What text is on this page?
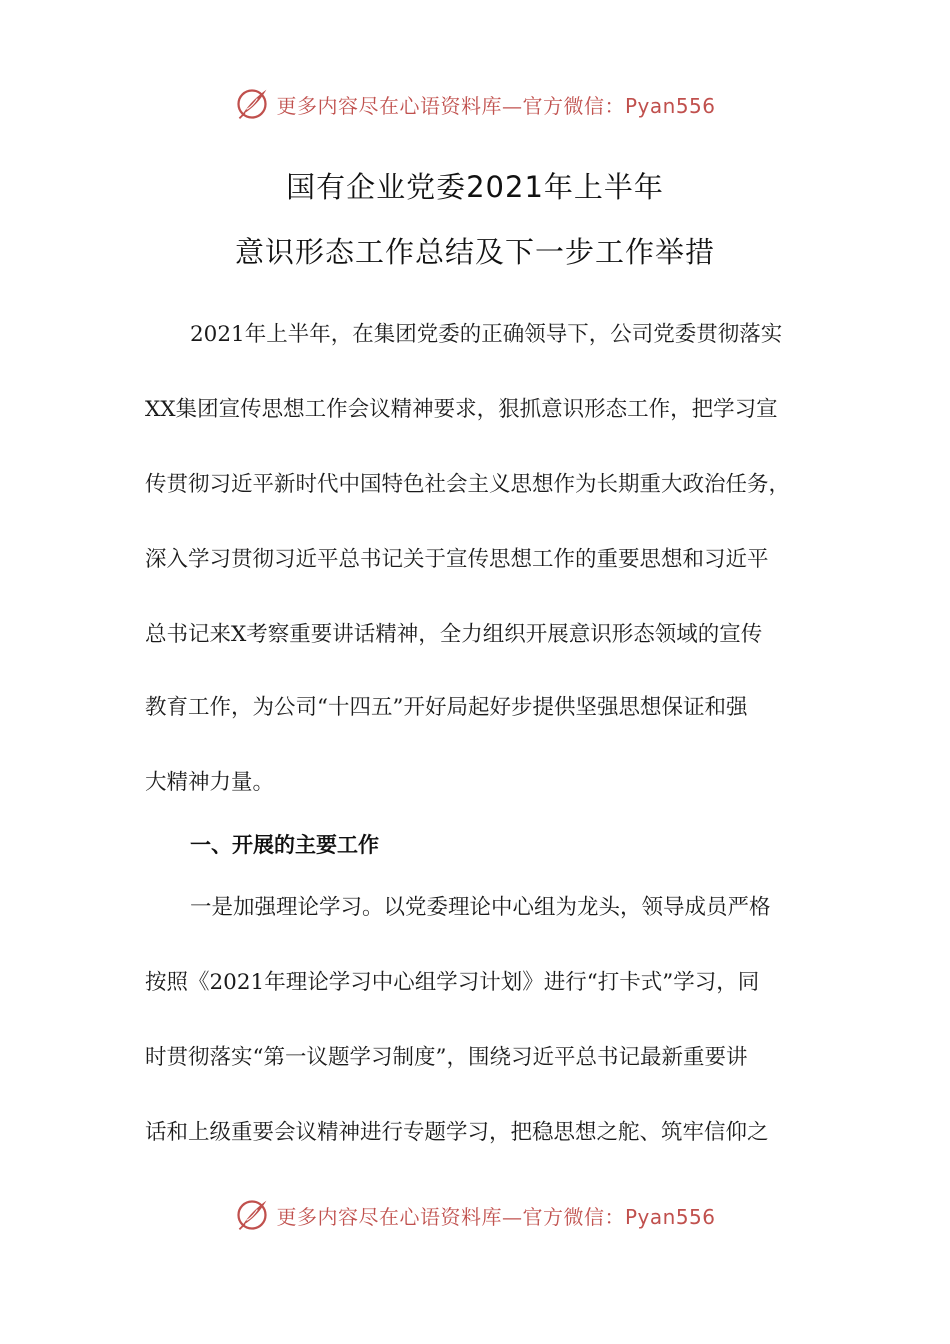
更多内容尽在心语资料库—官方微信：Pyan556
国有企业党委2021年上半年
意识形态工作总结及下一步工作举措
2021年上半年，在集团党委的正确领导下，公司党委贯彻落实
XX集团宣传思想工作会议精神要求，狠抓意识形态工作，把学习宣
传贯彻习近平新时代中国特色社会主义思想作为长期重大政治任务，
深入学习贯彻习近平总书记关于宣传思想工作的重要思想和习近平
总书记来X考察重要讲话精神，全力组织开展意识形态领域的宣传
教育工作，为公司“十四五”开好局起好步提供坚强思想保证和强
大精神力量。
一、开展的主要工作
一是加强理论学习。以党委理论中心组为龙头，领导成员严格
按照《2021年理论学习中心组学习计划》进行“打卡式”学习，同
时贯彻落实“第一议题学习制度”，围绕习近平总书记最新重要讲
话和上级重要会议精神进行专题学习，把稳思想之舵、筑牢信仰之
更多内容尽在心语资料库—官方微信：Pyan556
